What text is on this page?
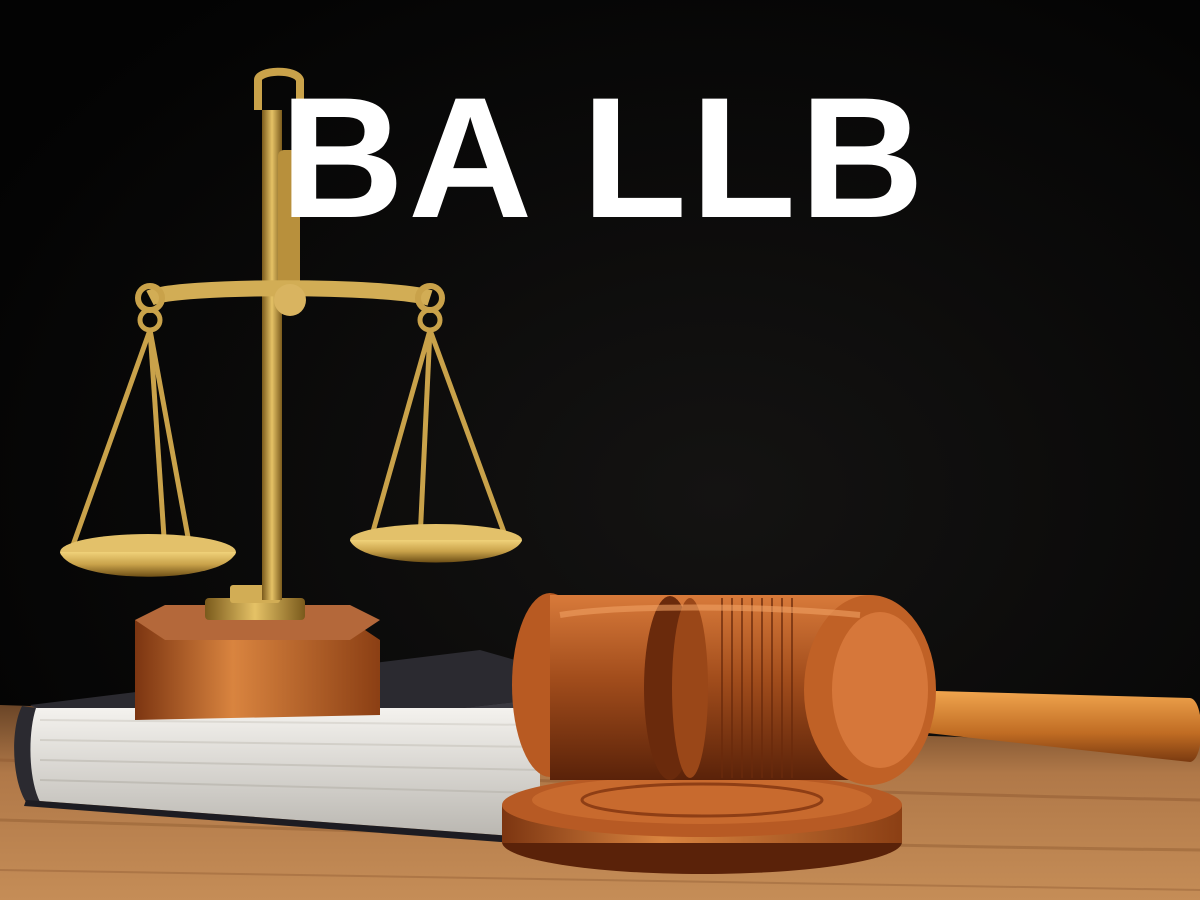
BA LLB
